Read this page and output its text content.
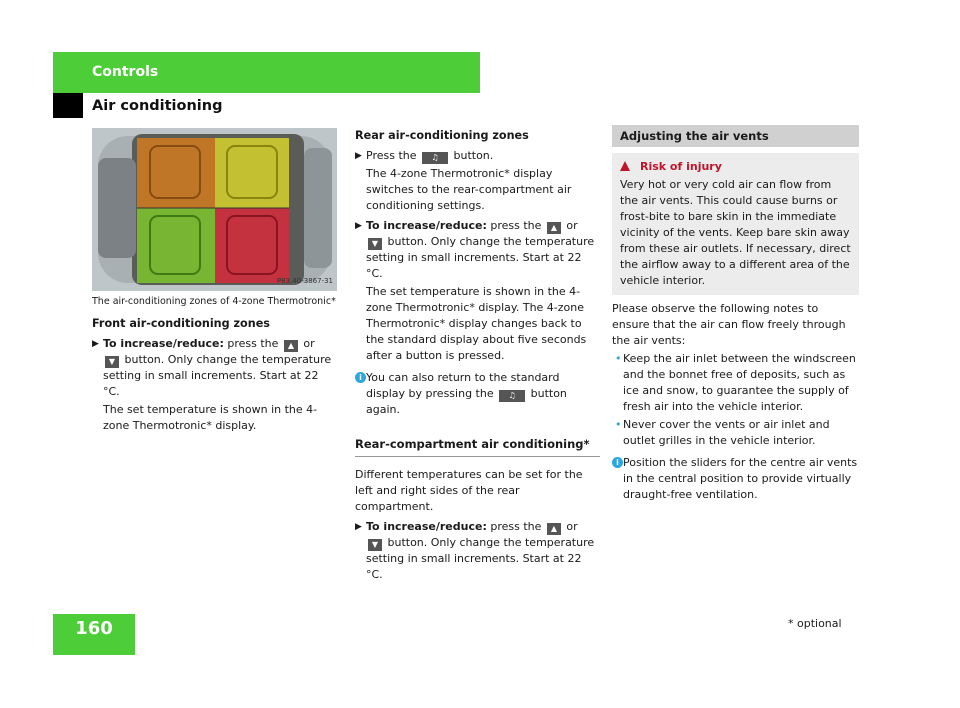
Controls
Air conditioning
P83.40-3867-31
The air-conditioning zones of 4-zone Thermotronic*
Front air-conditioning zones
▶ To increase/reduce: press the ▲ or
▼ button. Only change the temperature setting in small increments. Start at 22 °C.
The set temperature is shown in the 4-zone Thermotronic* display.
Rear air-conditioning zones
▶ Press the ♫ button.
The 4-zone Thermotronic* display switches to the rear-compartment air conditioning settings.
▶ To increase/reduce: press the ▲ or
▼ button. Only change the temperature setting in small increments. Start at 22 °C.
The set temperature is shown in the 4-zone Thermotronic* display. The 4-zone Thermotronic* display changes back to the standard display about five seconds after a button is pressed.
i You can also return to the standard display by pressing the ♫ button again.
Rear-compartment air conditioning*
Different temperatures can be set for the left and right sides of the rear compartment.
▶ To increase/reduce: press the ▲ or
▼ button. Only change the temperature setting in small increments. Start at 22 °C.
Adjusting the air vents
Risk of injury
Very hot or very cold air can flow from the air vents. This could cause burns or frost-bite to bare skin in the immediate vicinity of the vents. Keep bare skin away from these air outlets. If necessary, direct the airflow away to a different area of the vehicle interior.
Please observe the following notes to ensure that the air can flow freely through the air vents:
• Keep the air inlet between the windscreen and the bonnet free of deposits, such as ice and snow, to guarantee the supply of fresh air into the vehicle interior.
• Never cover the vents or air inlet and outlet grilles in the vehicle interior.
i Position the sliders for the centre air vents in the central position to provide virtually draught-free ventilation.
160	* optional
